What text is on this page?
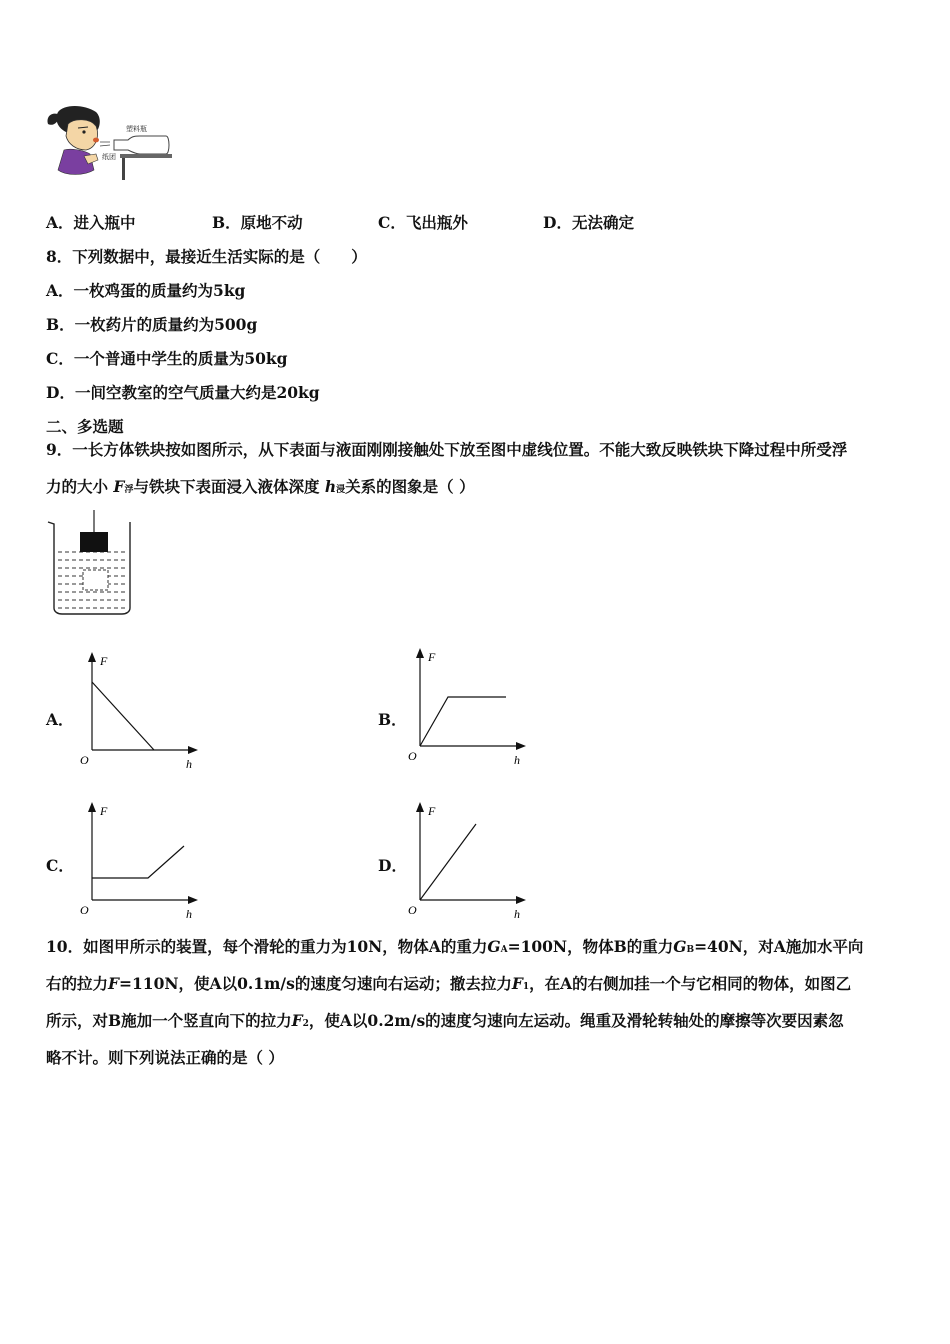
塑料瓶
纸团
A．进入瓶中	B．原地不动	C．飞出瓶外	D．无法确定
8．下列数据中，最接近生活实际的是（　　）
A．一枚鸡蛋的质量约为5kg
B．一枚药片的质量约为500g
C．一个普通中学生的质量为50kg
D．一间空教室的空气质量大约是20kg
二、多选题
9．一长方体铁块按如图所示，从下表面与液面刚刚接触处下放至图中虚线位置。不能大致反映铁块下降过程中所受浮
力的大小 F浮与铁块下表面浸入液体深度 h浸关系的图象是（ ）
A．
F
O	h
B．
F
O	h
C．
F
O	h
D．
F
O	h
10．如图甲所示的装置，每个滑轮的重力为10N，物体A的重力GA=100N，物体B的重力GB=40N，对A施加水平向
右的拉力F=110N，使A以0.1m/s的速度匀速向右运动；撤去拉力F1，在A的右侧加挂一个与它相同的物体，如图乙
所示，对B施加一个竖直向下的拉力F2，使A以0.2m/s的速度匀速向左运动。绳重及滑轮转轴处的摩擦等次要因素忽
略不计。则下列说法正确的是（ ）
